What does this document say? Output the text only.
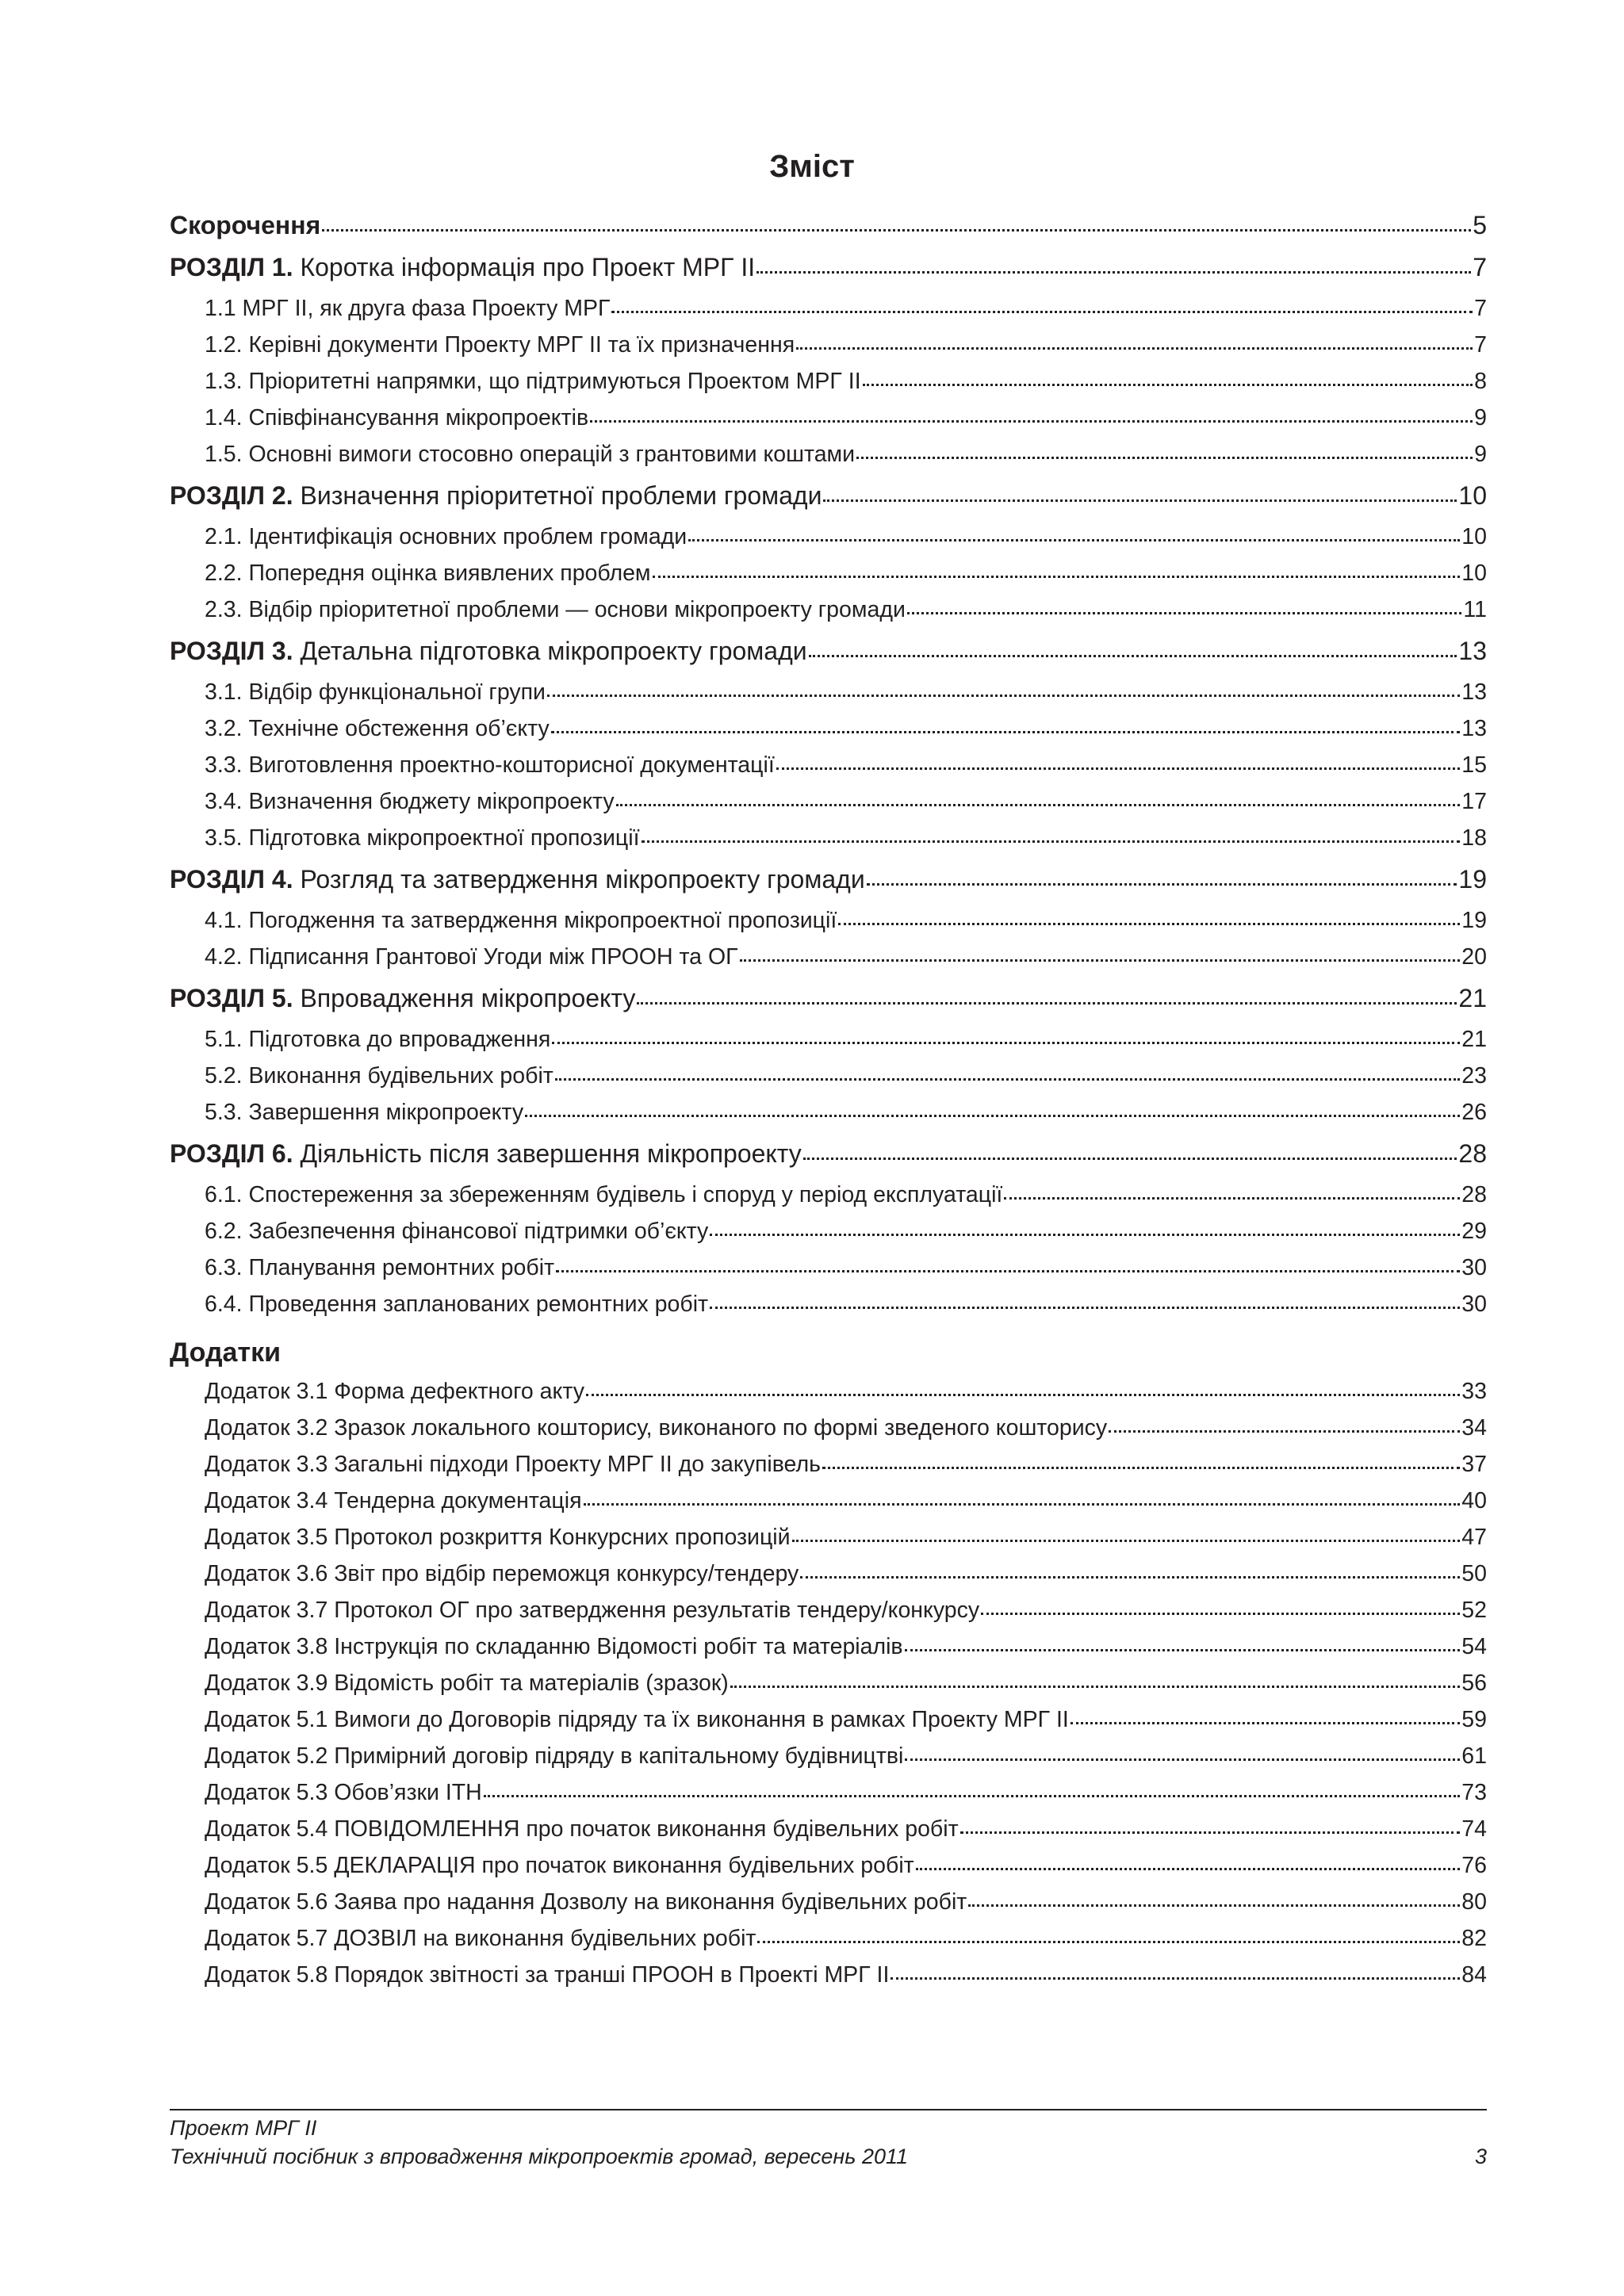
Зміст
Скорочення	5
РОЗДІЛ 1. Коротка інформація про Проект МРГ ІІ	7
1.1 МРГ ІІ, як друга фаза Проекту МРГ	7
1.2. Керівні документи Проекту МРГ ІІ та їх призначення	7
1.3. Пріоритетні напрямки, що підтримуються Проектом МРГ ІІ	8
1.4. Співфінансування мікропроектів	9
1.5. Основні вимоги стосовно операцій з грантовими коштами	9
РОЗДІЛ 2. Визначення пріоритетної проблеми громади	10
2.1. Ідентифікація основних проблем громади	10
2.2. Попередня оцінка виявлених проблем	10
2.3. Відбір пріоритетної проблеми — основи мікропроекту громади	11
РОЗДІЛ 3. Детальна підготовка мікропроекту громади	13
3.1. Відбір функціональної групи	13
3.2. Технічне обстеження об’єкту	13
3.3. Виготовлення проектно-кошторисної документації	15
3.4. Визначення бюджету мікропроекту	17
3.5. Підготовка мікропроектної пропозиції	18
РОЗДІЛ 4. Розгляд та затвердження мікропроекту громади	19
4.1. Погодження та затвердження мікропроектної пропозиції	19
4.2. Підписання Грантової Угоди між ПРООН та ОГ	20
РОЗДІЛ 5. Впровадження мікропроекту	21
5.1. Підготовка до впровадження	21
5.2. Виконання будівельних робіт	23
5.3. Завершення мікропроекту	26
РОЗДІЛ 6. Діяльність після завершення мікропроекту	28
6.1. Спостереження за збереженням будівель і споруд у період експлуатації	28
6.2. Забезпечення фінансової підтримки об’єкту	29
6.3. Планування ремонтних робіт	30
6.4. Проведення запланованих ремонтних робіт	30
Додатки
Додаток 3.1 Форма дефектного акту	33
Додаток 3.2 Зразок локального кошторису, виконаного по формі зведеного кошторису	34
Додаток 3.3 Загальні підходи Проекту МРГ ІІ до закупівель	37
Додаток 3.4 Тендерна документація	40
Додаток 3.5 Протокол розкриття Конкурсних пропозицій	47
Додаток 3.6 Звіт про відбір переможця конкурсу/тендеру	50
Додаток 3.7 Протокол ОГ про затвердження результатів тендеру/конкурсу	52
Додаток 3.8 Інструкція по складанню Відомості робіт та матеріалів	54
Додаток 3.9 Відомість робіт та матеріалів (зразок)	56
Додаток 5.1 Вимоги до Договорів підряду та їх виконання в рамках Проекту МРГ ІІ	59
Додаток 5.2 Примірний договір підряду в капітальному будівництві	61
Додаток 5.3 Обов’язки ІТН	73
Додаток 5.4 ПОВІДОМЛЕННЯ про початок виконання будівельних робіт	74
Додаток 5.5 ДЕКЛАРАЦІЯ про початок виконання будівельних робіт	76
Додаток 5.6 Заява про надання Дозволу на виконання будівельних робіт	80
Додаток 5.7 ДОЗВІЛ на виконання будівельних робіт	82
Додаток 5.8 Порядок звітності за транші ПРООН в Проекті МРГ ІІ	84
Проект МРГ ІІ
Технічний посібник з впровадження мікропроектів громад, вересень 2011	3
